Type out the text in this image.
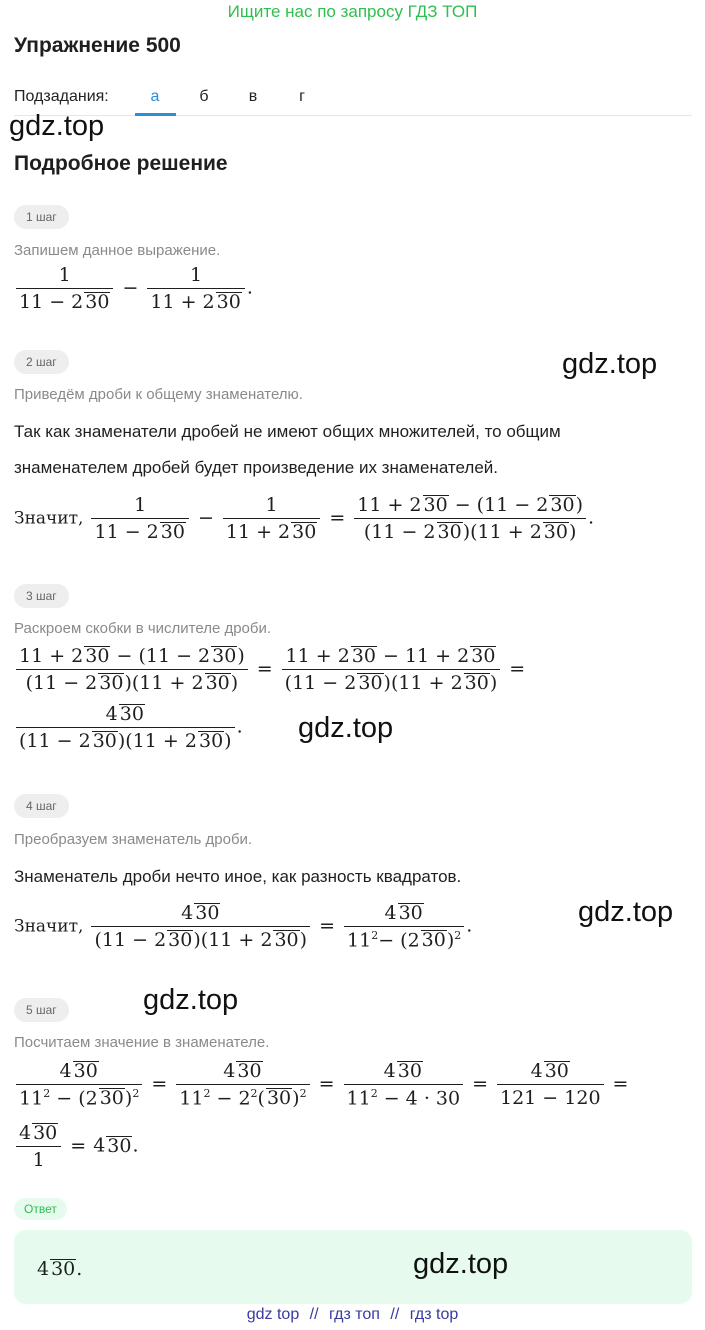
Ищите нас по запросу ГДЗ ТОП
Упражнение 500
Подзадания:	а	б	в	г
gdz.top
Подробное решение
1 шаг
Запишем данное выражение.
$\frac{1}{11 - 2 30} - \frac{1}{11 + 2 30}$ .
2 шаг	gdz.top
Приведём дроби к общему знаменателю.
Так как знаменатели дробей не имеют общих множителей, то общим
знаменателем дробей будет произведение их знаменателей.
Значит, $\frac{1}{11 - 2 30} - \frac{1}{11 + 2 30} = \frac{11 + 2 30 - (11 - 2 30)}{(11 - 2 30)(11 + 2 30)}$ .
3 шаг
Раскроем скобки в числителе дроби.
$\frac{11 + 2 30 - (11 - 2 30)}{(11 - 2 30)(11 + 2 30)} = \frac{11 + 2 30 - 11 + 2 30}{(11 - 2 30)(11 + 2 30)}$ =
$\frac{4 30}{(11 - 2 30)(11 + 2 30)}$ . gdz.top
4 шаг
Преобразуем знаменатель дроби.
Знаменатель дроби нечто иное, как разность квадратов.
Значит, $\frac{4 30}{(11 - 2 30)(11 + 2 30)} = \frac{4 30}{11^2- (2 30)^2}$ .	gdz.top
gdz.top
5 шаг
Посчитаем значение в знаменателе.
$\frac{4 30}{11^2 - (2 30)^2} = \frac{4 30}{11^2 - 2^2( 30)^2} = \frac{4 30}{11^2 - 4 \cdot 30} = \frac{4 30}{121 - 120}$ =
$\frac{4 30}{1} = 4$ 30.
Ответ
4 30.	gdz.top
gdz top // гдз топ // гдз top
